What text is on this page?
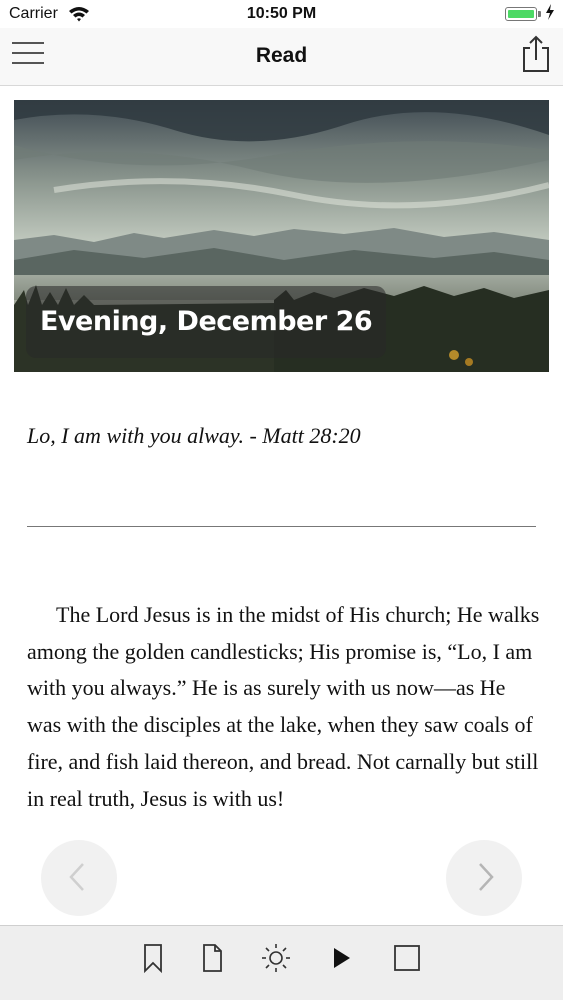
Carrier	10:50 PM
Read
Evening, December 26
Lo, I am with you alway. - Matt 28:20

The Lord Jesus is in the midst of His church; He walks among the golden candlesticks; His promise is, “Lo, I am with you always.” He is as surely with us now—as He was with the disciples at the lake, when they saw coals of fire, and fish laid thereon, and bread. Not carnally but still in real truth, Jesus is with us!
